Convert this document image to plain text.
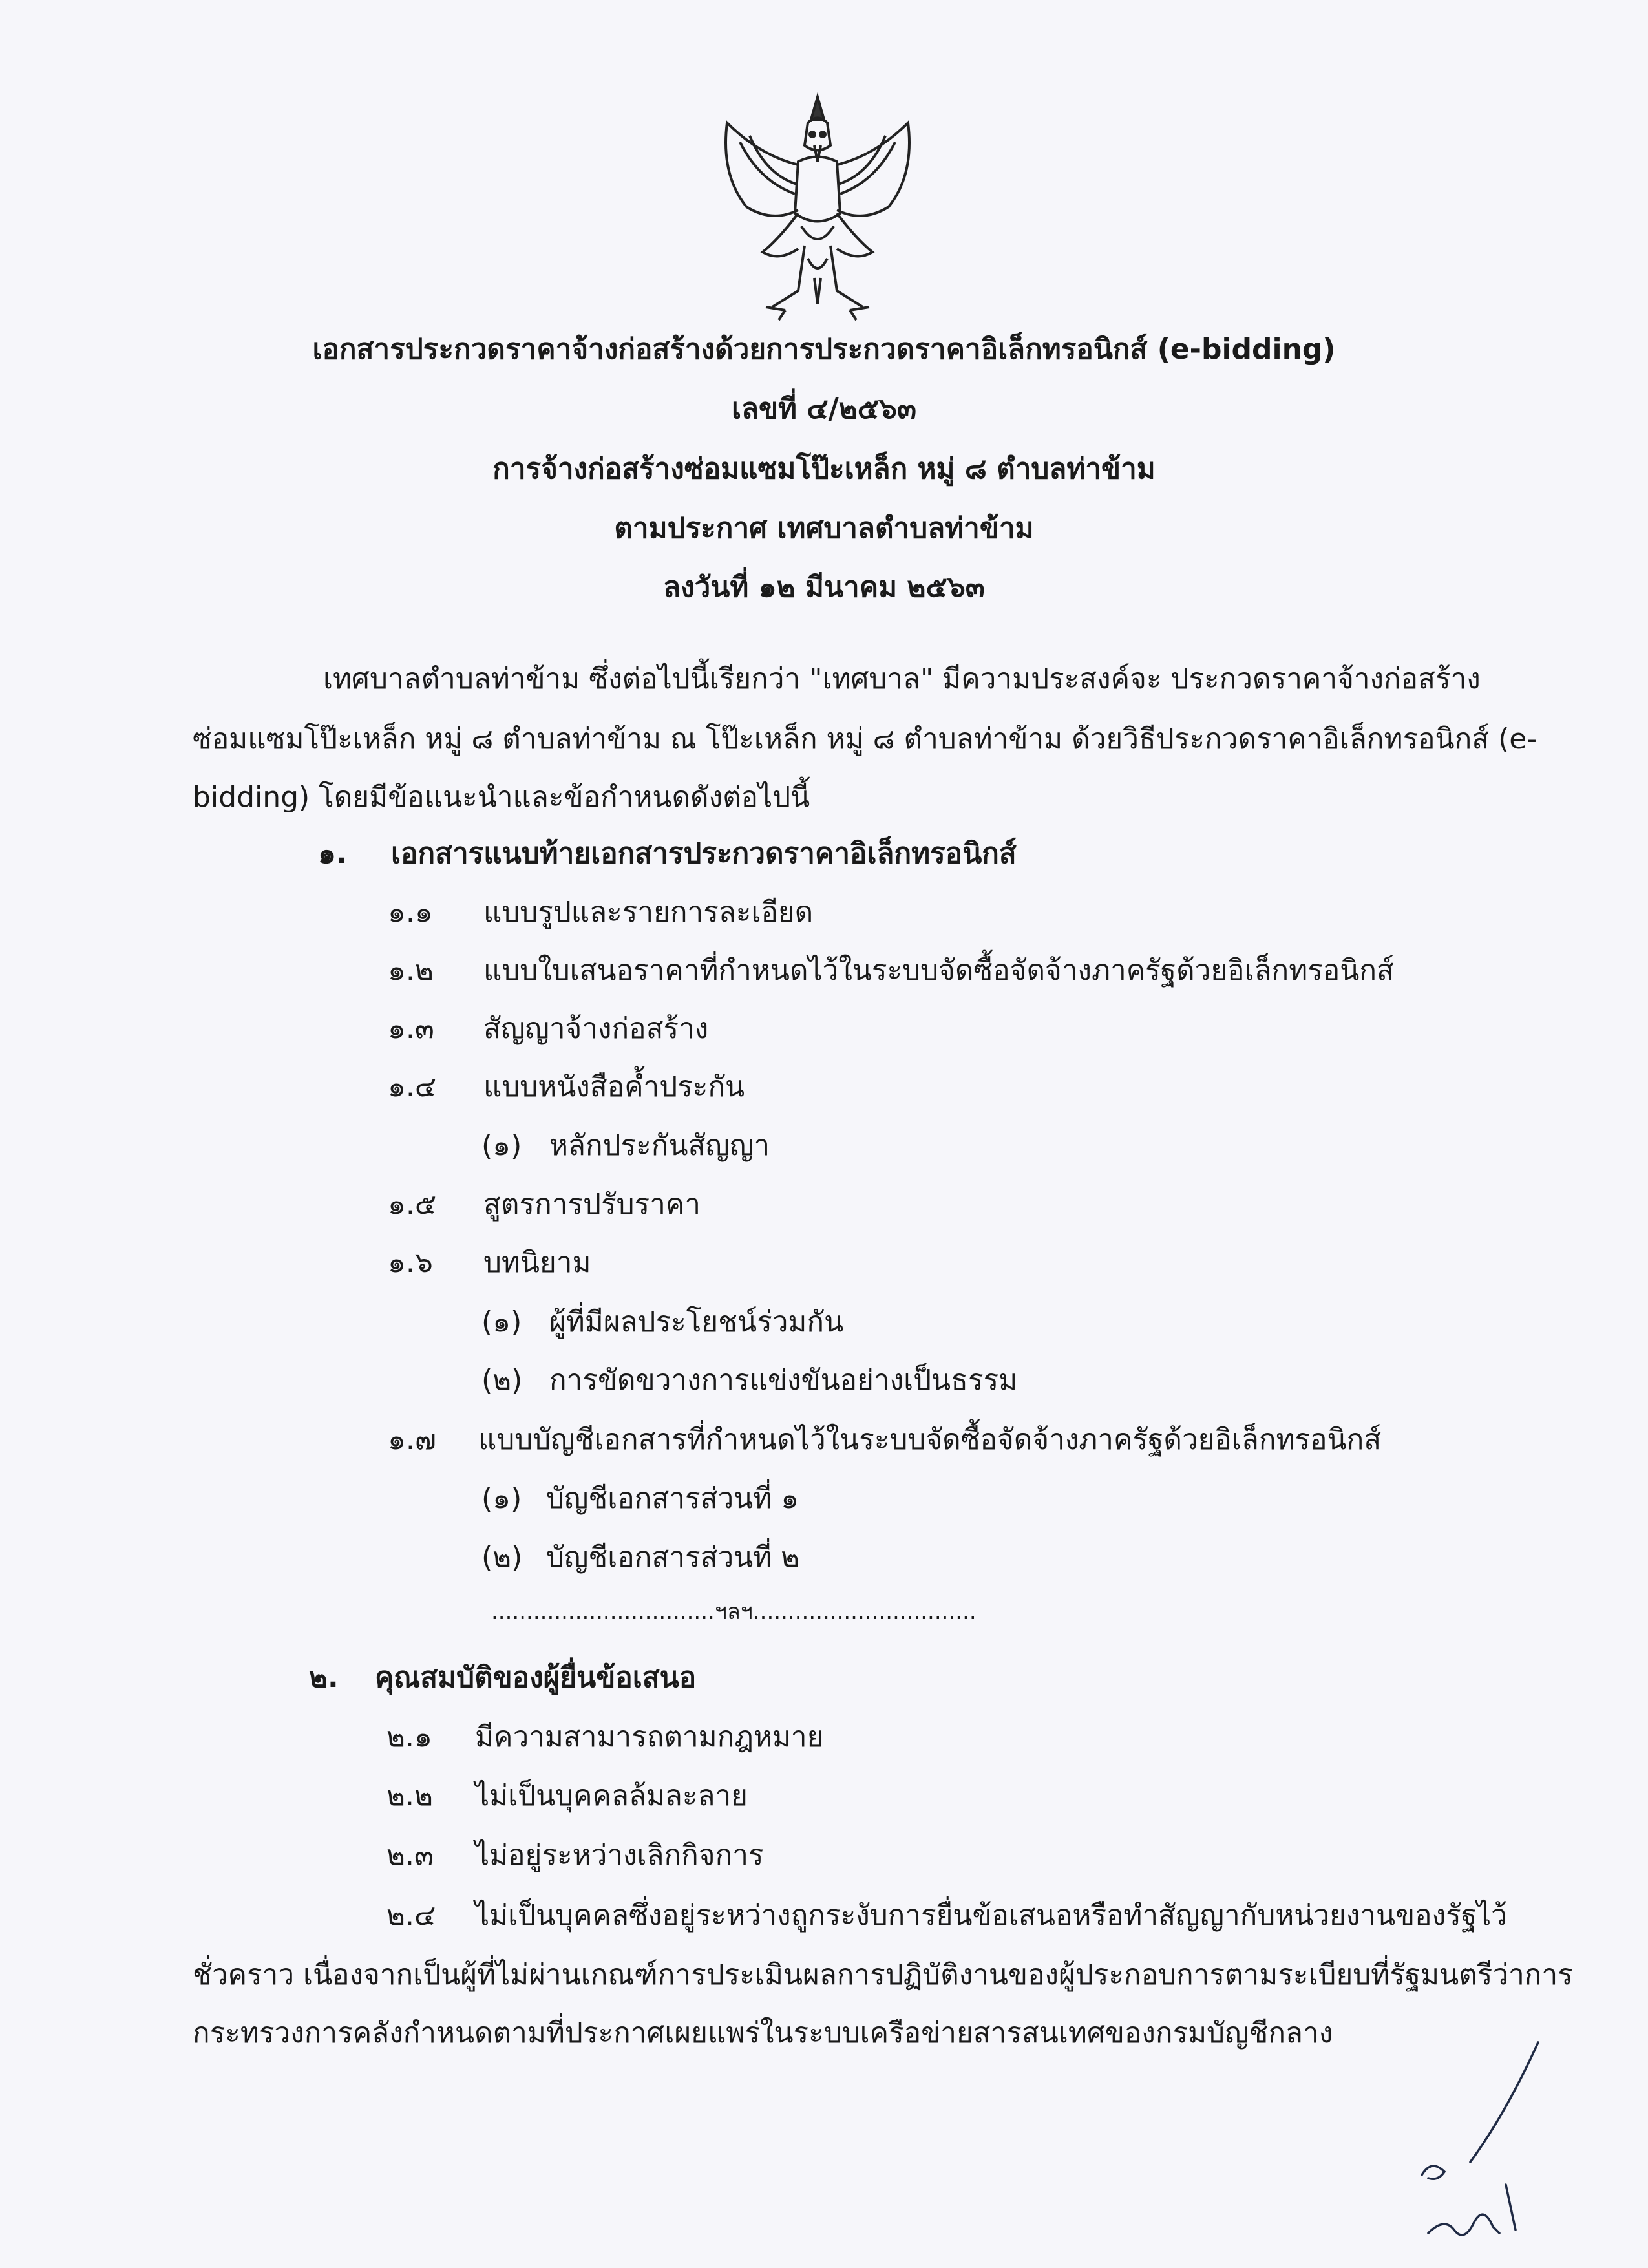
เอกสารประกวดราคาจ้างก่อสร้างด้วยการประกวดราคาอิเล็กทรอนิกส์ (e-bidding)
เลขที่ ๔/๒๕๖๓
การจ้างก่อสร้างซ่อมแซมโป๊ะเหล็ก หมู่ ๘ ตำบลท่าข้าม
ตามประกาศ เทศบาลตำบลท่าข้าม
ลงวันที่ ๑๒ มีนาคม ๒๕๖๓
เทศบาลตำบลท่าข้าม ซึ่งต่อไปนี้เรียกว่า "เทศบาล" มีความประสงค์จะ ประกวดราคาจ้างก่อสร้าง
ซ่อมแซมโป๊ะเหล็ก หมู่ ๘ ตำบลท่าข้าม ณ โป๊ะเหล็ก หมู่ ๘ ตำบลท่าข้าม ด้วยวิธีประกวดราคาอิเล็กทรอนิกส์ (e-
bidding) โดยมีข้อแนะนำและข้อกำหนดดังต่อไปนี้
๑. เอกสารแนบท้ายเอกสารประกวดราคาอิเล็กทรอนิกส์
๑.๑ แบบรูปและรายการละเอียด
๑.๒ แบบใบเสนอราคาที่กำหนดไว้ในระบบจัดซื้อจัดจ้างภาครัฐด้วยอิเล็กทรอนิกส์
๑.๓ สัญญาจ้างก่อสร้าง
๑.๔ แบบหนังสือค้ำประกัน
(๑) หลักประกันสัญญา
๑.๕ สูตรการปรับราคา
๑.๖ บทนิยาม
(๑) ผู้ที่มีผลประโยชน์ร่วมกัน
(๒) การขัดขวางการแข่งขันอย่างเป็นธรรม
๑.๗ แบบบัญชีเอกสารที่กำหนดไว้ในระบบจัดซื้อจัดจ้างภาครัฐด้วยอิเล็กทรอนิกส์
(๑) บัญชีเอกสารส่วนที่ ๑
(๒) บัญชีเอกสารส่วนที่ ๒
................................ฯลฯ................................
๒. คุณสมบัติของผู้ยื่นข้อเสนอ
๒.๑ มีความสามารถตามกฎหมาย
๒.๒ ไม่เป็นบุคคลล้มละลาย
๒.๓ ไม่อยู่ระหว่างเลิกกิจการ
๒.๔ ไม่เป็นบุคคลซึ่งอยู่ระหว่างถูกระงับการยื่นข้อเสนอหรือทำสัญญากับหน่วยงานของรัฐไว้
ชั่วคราว เนื่องจากเป็นผู้ที่ไม่ผ่านเกณฑ์การประเมินผลการปฏิบัติงานของผู้ประกอบการตามระเบียบที่รัฐมนตรีว่าการ
กระทรวงการคลังกำหนดตามที่ประกาศเผยแพร่ในระบบเครือข่ายสารสนเทศของกรมบัญชีกลาง
